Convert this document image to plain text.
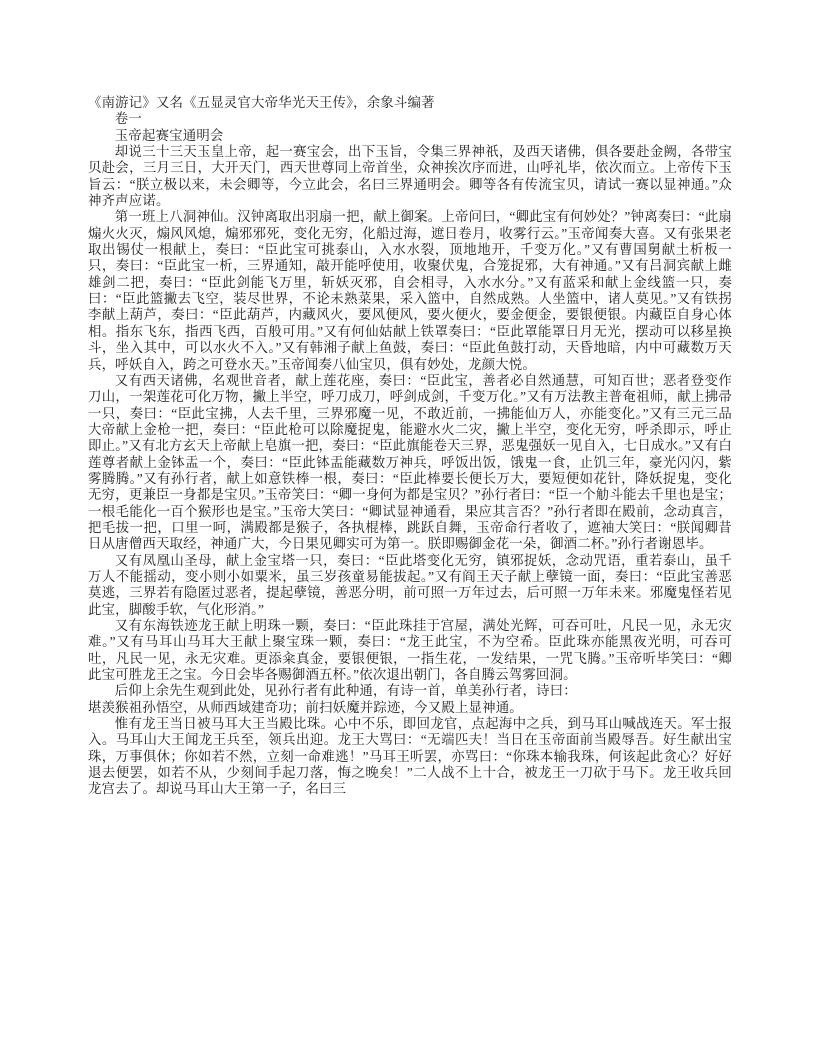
《南游记》又名《五显灵官大帝华光天王传》，余象斗编著
卷一
玉帝起赛宝通明会
却说三十三天玉皇上帝，起一赛宝会，出下玉旨，令集三界神祇，及西天诸佛，俱各要赴金阙，各带宝贝赴会，三月三日，大开天门，西天世尊同上帝首坐，众神挨次序而进，山呼礼毕，依次而立。上帝传下玉旨云：“朕立极以来，未会卿等，今立此会，名曰三界通明会。卿等各有传流宝贝，请试一赛以显神通。”众神齐声应诺。
第一班上八洞神仙。汉钟离取出羽扇一把，献上御案。上帝问曰，“卿此宝有何妙处？”钟离奏曰：“此扇煽火火灭，煽风风熄，煽邪邪死，变化无穷，化船过海，遮日卷月，收雾行云。”玉帝闻奏大喜。又有张果老取出锡仗一根献上，奏曰：“臣此宝可挑泰山，入水水裂，顶地地开，千变万化。”又有曹国舅献土析板一只，奏曰：“臣此宝一析，三界通知，敲开能呼使用，收聚伏鬼，合笼捉邪，大有神通。”又有吕洞宾献上雌雄剑二把，奏曰：“臣此剑能飞万里，斩妖灭邪，自会相寻，入水水分。”又有蓝采和献上金线篮一只，奏曰：“臣此篮撇去飞空，装尽世界，不论未熟菜果，采入篮中，自然成熟。人坐篮中，诸人莫见。”又有铁拐李献上葫芦，奏曰：“臣此葫芦，内藏风火，要风便风，要火便火，要金便金，要银便银。内藏臣自身心体相。指东飞东，指西飞西，百般可用。”又有何仙姑献上铁罩奏曰：“臣此罩能罩日月无光，摆动可以移星换斗，坐入其中，可以水火不入。”又有韩湘子献上鱼鼓，奏曰：“臣此鱼鼓打动，天昏地暗，内中可藏数万天兵，呼妖自入，跨之可登水天。”玉帝闻奏八仙宝贝，俱有妙处，龙颜大悦。
又有西天诸佛，名观世音者，献上莲花座，奏曰：“臣此宝，善者必自然通慧，可知百世；恶者登变作刀山，一架莲花可化万物，撇上半空，呼刀成刀，呼剑成剑，千变万化。”又有万法教主普奄祖师，献上拂帚一只，奏曰：“臣此宝拂，人去千里，三界邪魔一见，不敢近前，一拂能仙万人，亦能变化。”又有三元三品大帝献上金枪一把，奏曰：“臣此枪可以除魔捉鬼，能避水火二灾，撇上半空，变化无穷，呼杀即示，呼止即止。”又有北方玄天上帝献上皂旗一把，奏曰：“臣此旗能卷天三界，恶鬼强妖一见自入，七日成水。”又有白莲尊者献上金钵盂一个，奏曰：“臣此钵盂能藏数万神兵，呼饭出饭，饿鬼一食，止饥三年，豪光闪闪，紫雾腾腾。”又有孙行者，献上如意铁棒一根，奏曰：“臣此棒要长便长万大，要短便如花针，降妖捉鬼，变化无穷，更兼臣一身都是宝贝。”玉帝笑曰：“卿一身何为都是宝贝？”孙行者曰：“臣一个觔斗能去千里也是宝；一根毛能化一百个猴形也是宝。”玉帝大笑曰：“卿试显神通看，果应其言否？”孙行者即在殿前，念动真言，把毛拔一把，口里一呵，满殿都是猴子，各执棍棒，跳跃自舞，玉帝命行者收了，遮袖大笑曰：“朕闻卿昔日从唐僧西天取经，神通广大，今日果见卿实可为第一。朕即赐御金花一朵，御酒二杯。”孙行者谢恩毕。
又有凤凰山圣母，献上金宝塔一只，奏曰：“臣此塔变化无穷，镇邪捉妖，念动咒语，重若泰山，虽千万人不能摇动，变小则小如粟米，虽三岁孩童易能拔起。”又有阎王天子献上孽镜一面，奏曰：“臣此宝善恶莫逃，三界若有隐匿过恶者，提起孽镜，善恶分明，前可照一万年过去，后可照一万年未来。邪魔鬼怪若见此宝，脚酸手软，气化形消。”
又有东海铁迹龙王献上明珠一颗，奏曰：“臣此珠挂于宫屋，满处光辉，可吞可吐，凡民一见，永无灾难。”又有马耳山马耳大王献上聚宝珠一颗，奏曰：“龙王此宝，不为空希。臣此珠亦能黑夜光明，可吞可吐，凡民一见，永无灾难。更添籴真金，要银便银，一指生花，一发结果，一咒飞腾。”玉帝听毕笑曰：“卿此宝可胜龙王之宝。今日会毕各赐御酒五杯。”依次退出朝门，各自腾云驾雾回洞。
后仰上余先生观到此处，见孙行者有此种通，有诗一首，单美孙行者，诗曰：
堪羡猴祖孙悟空，从师西域建奇功；前扫妖魔并踪迹，今又殿上显神通。
惟有龙王当日被马耳大王当殿比珠。心中不乐，即回龙官，点起海中之兵，到马耳山喊战连天。军士报入。马耳山大王闻龙王兵至，领兵出迎。龙王大骂曰：“无端匹夫！当日在玉帝面前当殿辱吾。好生献出宝珠，万事俱休；你如若不然，立刻一命难逃！”马耳王听罢，亦骂曰：“你珠本输我珠，何该起此贪心？好好退去便罢，如若不从，少刻间手起刀落，悔之晚矣！”二人战不上十合，被龙王一刀砍于马下。龙王收兵回龙宫去了。却说马耳山大王第一子，名曰三
